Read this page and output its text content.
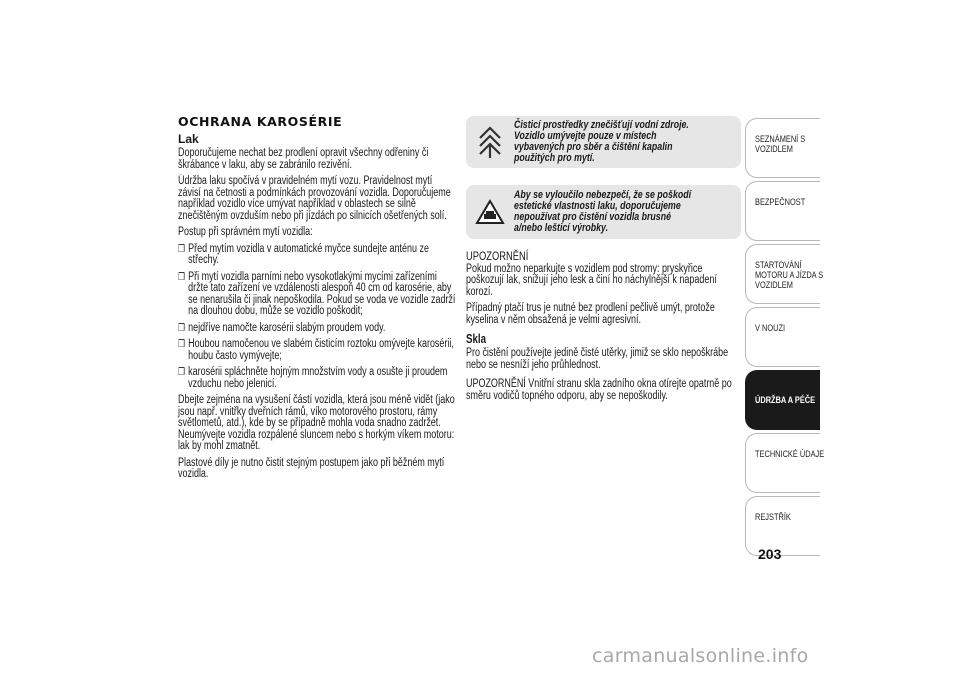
OCHRANA KAROSÉRIE
Lak
Doporučujeme nechat bez prodlení opravit všechny odřeniny či škrábance v laku, aby se zabránilo rezivění.
Údržba laku spočívá v pravidelném mytí vozu. Pravidelnost mytí závisí na četnosti a podmínkách provozování vozidla. Doporučujeme například vozidlo více umývat například v oblastech se silně znečištěným ovzduším nebo při jízdách po silnicích ošetřených solí.
Postup při správném mytí vozidla:
❒ Před mytím vozidla v automatické myčce sundejte anténu ze střechy.
❒ Při mytí vozidla parními nebo vysokotlakými mycími zařízeními držte tato zařízení ve vzdálenosti alespoň 40 cm od karosérie, aby se nenarušila či jinak nepoškodila. Pokud se voda ve vozidle zadrží na dlouhou dobu, může se vozidlo poškodit;
❒ nejdříve namočte karosérii slabým proudem vody.
❒ Houbou namočenou ve slabém čisticím roztoku omývejte karosérii, houbu často vymývejte;
❒ karosérii spláchněte hojným množstvím vody a osušte ji proudem vzduchu nebo jelenicí.
Dbejte zejména na vysušení částí vozidla, která jsou méně vidět (jako jsou např. vnitřky dveřních rámů, víko motorového prostoru, rámy světlometů, atd.), kde by se případně mohla voda snadno zadržet. Neumývejte vozidla rozpálené sluncem nebo s horkým víkem motoru: lak by mohl zmatnět.
Plastové díly je nutno čistit stejným postupem jako při běžném mytí vozidla.
Čisticí prostředky znečišťují vodní zdroje. Vozidlo umývejte pouze v místech vybavených pro sběr a čištění kapalin použitých pro mytí.
Aby se vyloučilo nebezpečí, že se poškodí estetické vlastnosti laku, doporučujeme nepoužívat pro čistění vozidla brusné a/nebo lešticí výrobky.
UPOZORNĚNÍ
Pokud možno neparkujte s vozidlem pod stromy: pryskyřice poškozují lak, snižují jeho lesk a činí ho náchylnější k napadení korozí.
Případný ptačí trus je nutné bez prodlení pečlivě umýt, protože kyselina v něm obsažená je velmi agresivní.
Skla
Pro čistění používejte jedině čisté utěrky, jimiž se sklo nepoškrábe nebo se nesníží jeho průhlednost.
UPOZORNĚNÍ Vnitřní stranu skla zadního okna otírejte opatrně po směru vodičů topného odporu, aby se nepoškodily.
SEZNÁMENÍ S VOZIDLEM
BEZPEČNOST
STARTOVÁNÍ MOTORU A JÍZDA S VOZIDLEM
V NOUZI
ÚDRŽBA A PÉČE
TECHNICKÉ ÚDAJE
REJSTŘÍK
203
carmanualsonline.info
